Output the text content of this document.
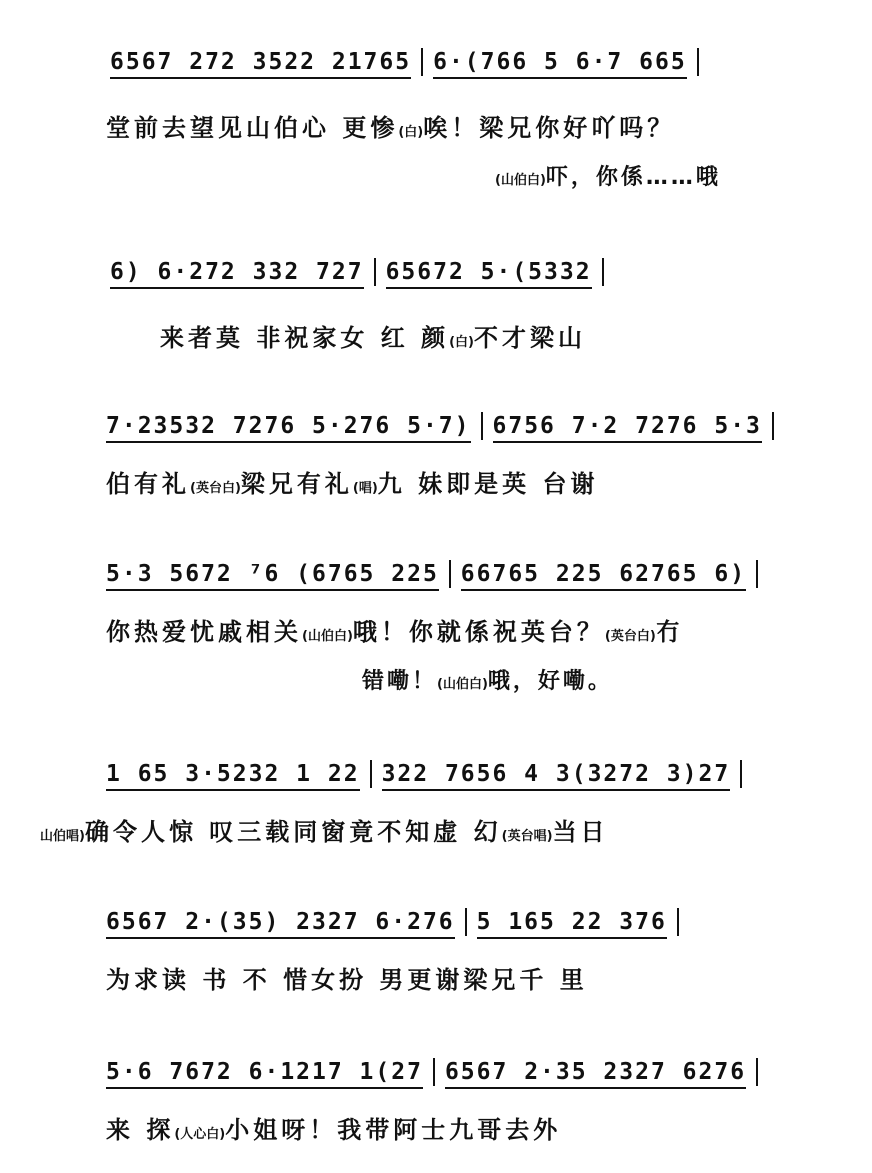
6567 272 3522 21765 6·(766 5 6·7 665
堂前去望见山伯心 更惨(白)唉！梁兄你好吖吗？
(山伯白)吓，你係……哦
6) 6·272 332 727 65672 5·(5332
来者莫 非祝家女 红 颜(白)不才梁山
7·23532 7276 5·276 5·7) 6756 7·2 7276 5·3
伯有礼(英台白)梁兄有礼(唱)九 妹即是英 台谢
5·3 5672 ⁷6 (6765 225 66765 225 62765 6)
你热爱忧戚相关(山伯白)哦！你就係祝英台？(英台白)冇
错嘞！(山伯白)哦，好嘞。
1 65 3·5232 1 22 322 7656 4 3(3272 3)27
山伯唱)确令人惊 叹三载同窗竟不知虚 幻(英台唱)当日
6567 2·(35) 2327 6·276 5 165 22 376
为求读 书 不 惜女扮 男更谢梁兄千 里
5·6 7672 6·1217 1(27 6567 2·35 2327 6276
来 探(人心白)小姐呀！我带阿士九哥去外
